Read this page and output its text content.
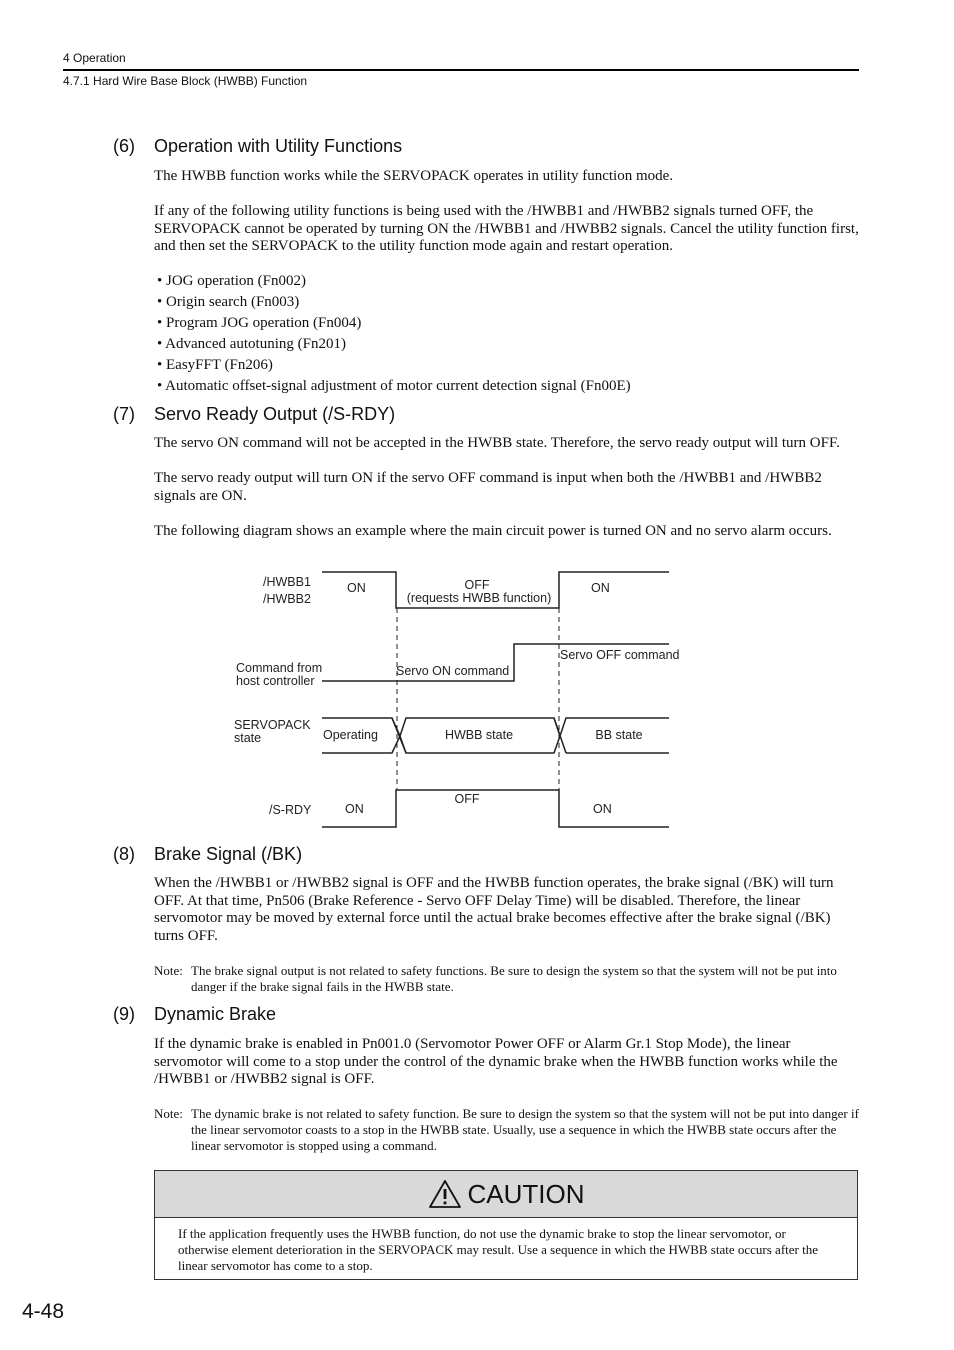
4 Operation
4.7.1 Hard Wire Base Block (HWBB) Function
(6) Operation with Utility Functions
The HWBB function works while the SERVOPACK operates in utility function mode.
If any of the following utility functions is being used with the /HWBB1 and /HWBB2 signals turned OFF, the SERVOPACK cannot be operated by turning ON the /HWBB1 and /HWBB2 signals. Cancel the utility function first, and then set the SERVOPACK to the utility function mode again and restart operation.
• JOG operation (Fn002)
• Origin search (Fn003)
• Program JOG operation (Fn004)
• Advanced autotuning (Fn201)
• EasyFFT (Fn206)
• Automatic offset-signal adjustment of motor current detection signal (Fn00E)
(7) Servo Ready Output (/S-RDY)
The servo ON command will not be accepted in the HWBB state. Therefore, the servo ready output will turn OFF.
The servo ready output will turn ON if the servo OFF command is input when both the /HWBB1 and /HWBB2 signals are ON.
The following diagram shows an example where the main circuit power is turned ON and no servo alarm occurs.
/HWBB1
/HWBB2
ON	OFF
(requests HWBB function)
ON
Command from
host controller
Servo ON command
Servo OFF command
SERVOPACK
state	Operating	HWBB state	BB state
/S-RDY	ON
OFF
ON
(8) Brake Signal (/BK)
When the /HWBB1 or /HWBB2 signal is OFF and the HWBB function operates, the brake signal (/BK) will turn OFF. At that time, Pn506 (Brake Reference - Servo OFF Delay Time) will be disabled. Therefore, the linear servomotor may be moved by external force until the actual brake becomes effective after the brake signal (/BK) turns OFF.
Note: The brake signal output is not related to safety functions. Be sure to design the system so that the system will not be put into danger if the brake signal fails in the HWBB state.
(9) Dynamic Brake
If the dynamic brake is enabled in Pn001.0 (Servomotor Power OFF or Alarm Gr.1 Stop Mode), the linear servomotor will come to a stop under the control of the dynamic brake when the HWBB function works while the /HWBB1 or /HWBB2 signal is OFF.
Note: The dynamic brake is not related to safety function. Be sure to design the system so that the system will not be put into danger if the linear servomotor coasts to a stop in the HWBB state. Usually, use a sequence in which the HWBB state occurs after the linear servomotor is stopped using a command.
CAUTION
If the application frequently uses the HWBB function, do not use the dynamic brake to stop the linear servomotor, or otherwise element deterioration in the SERVOPACK may result. Use a sequence in which the HWBB state occurs after the linear servomotor has come to a stop.
4-48
